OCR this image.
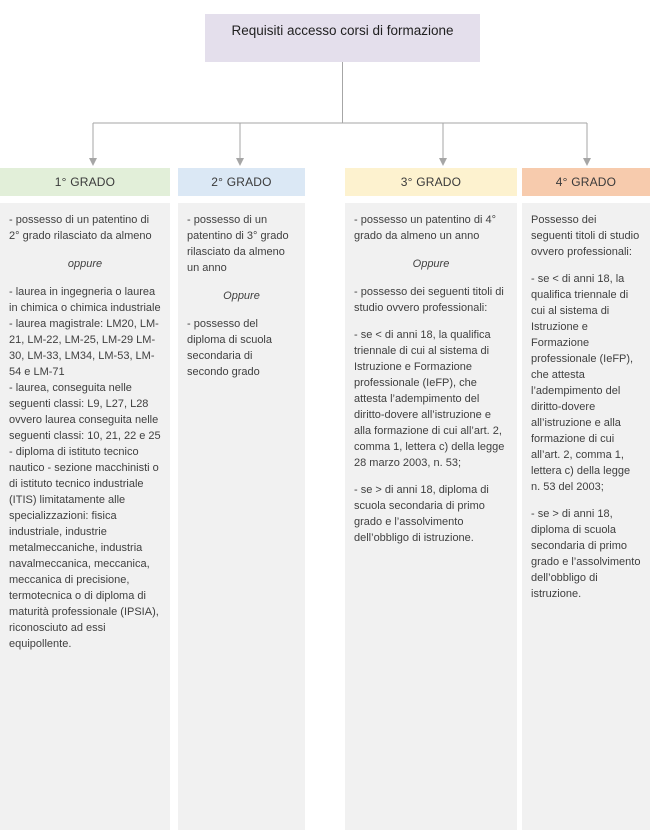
Requisiti accesso corsi di formazione
1° GRADO

- possesso di un patentino di 2° grado rilasciato da almeno

oppure

- laurea in ingegneria o laurea in chimica o chimica industriale

- laurea magistrale: LM20, LM-21, LM-22, LM-25, LM-29 LM-30, LM-33, LM34, LM-53, LM-54 e LM-71

- laurea, conseguita nelle seguenti classi: L9, L27, L28 ovvero laurea conseguita nelle seguenti classi: 10, 21, 22 e 25

- diploma di istituto tecnico nautico - sezione macchinisti o di istituto tecnico industriale (ITIS) limitatamente alle specializzazioni: fisica industriale, industrie metalmeccaniche, industria navalmeccanica, meccanica, meccanica di precisione, termotecnica o di diploma di maturità professionale (IPSIA), riconosciuto ad essi equipollente.

2° GRADO

- possesso di un patentino di 3° grado rilasciato da almeno un anno

Oppure

- possesso del diploma di scuola secondaria di secondo grado

3° GRADO

- possesso un patentino di 4° grado da almeno un anno

Oppure

- possesso dei seguenti titoli di studio ovvero professionali:

- se < di anni 18, la qualifica triennale di cui al sistema di Istruzione e Formazione professionale (IeFP), che attesta l’adempimento del diritto-dovere all’istruzione e alla formazione di cui all’art. 2, comma 1, lettera c) della legge 28 marzo 2003, n. 53;

- se > di anni 18, diploma di scuola secondaria di primo grado e l’assolvimento dell’obbligo di istruzione.

4° GRADO

Possesso dei seguenti titoli di studio ovvero professionali:

- se < di anni 18, la qualifica triennale di cui al sistema di Istruzione e Formazione professionale (IeFP), che attesta l’adempimento del diritto-dovere all’istruzione e alla formazione di cui all’art. 2, comma 1, lettera c) della legge n. 53 del 2003;

- se > di anni 18, diploma di scuola secondaria di primo grado e l’assolvimento dell’obbligo di istruzione.
